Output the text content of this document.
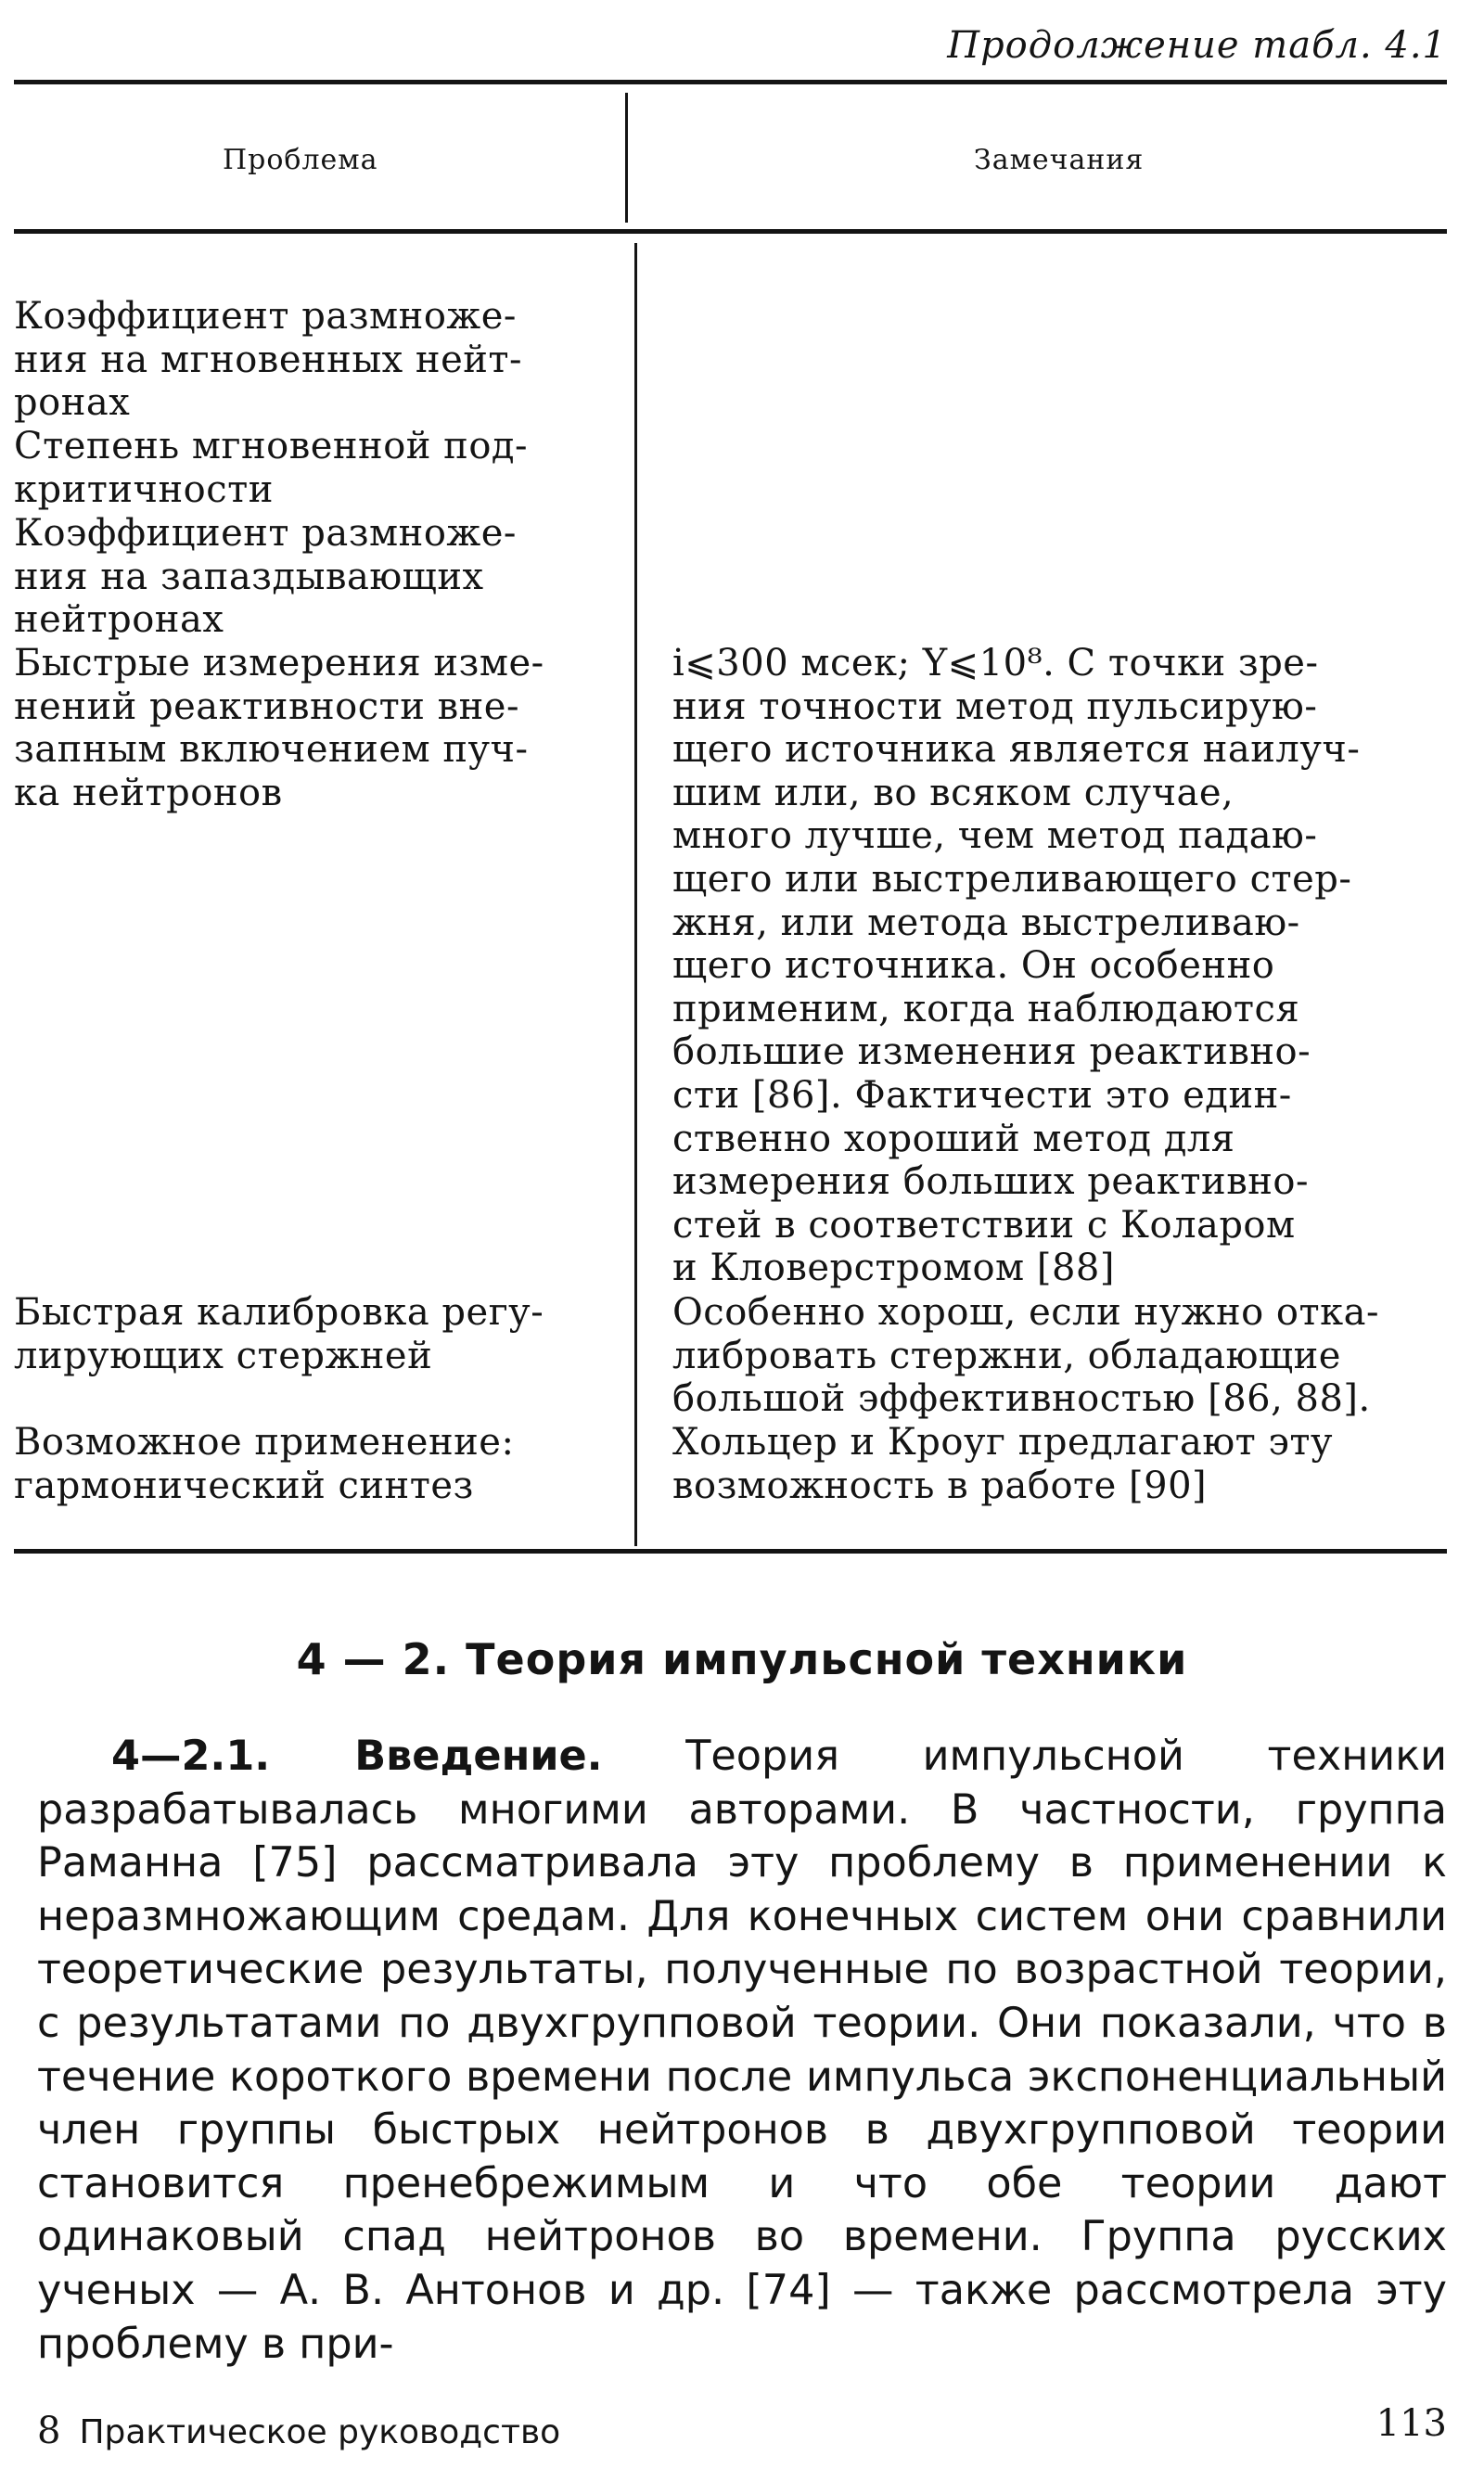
Продолжение табл. 4.1
Проблема	Замечания
Коэффициент размноже-
ния на мгновенных нейт-
ронах
Степень мгновенной под-
критичности
Коэффициент размноже-
ния на запаздывающих
нейтронах
Быстрые измерения изме-
нений реактивности вне-
запным включением пуч-
ка нейтронов
i⩽300 мсек; Y⩽10⁸. С точки зре-
ния точности метод пульсирую-
щего источника является наилуч-
шим или, во всяком случае,
много лучше, чем метод падаю-
щего или выстреливающего стер-
жня, или метода выстреливаю-
щего источника. Он особенно
применим, когда наблюдаются
большие изменения реактивно-
сти [86]. Фактичести это един-
ственно хороший метод для
измерения больших реактивно-
стей в соответствии с Коларом
и Кловерстромом [88]
Быстрая калибровка регу-
лирующих стержней
Особенно хорош, если нужно отка-
либровать стержни, обладающие
большой эффективностью [86, 88].
Возможное применение:
гармонический синтез
Хольцер и Кроуг предлагают эту
возможность в работе [90]
4 — 2. Теория импульсной техники

4—2.1. Введение. Теория импульсной техники разрабатывалась многими авторами. В частности, группа Раманна [75] рассматривала эту проблему в применении к неразмножающим средам. Для конечных систем они сравнили теоретические результаты, полученные по возрастной теории, с результатами по двухгрупповой теории. Они показали, что в течение короткого времени после импульса экспоненциальный член группы быстрых нейтронов в двухгрупповой теории становится пренебрежимым и что обе теории дают одинаковый спад нейтронов во времени. Группа русских ученых — А. В. Антонов и др. [74] — также рассмотрела эту проблему в при-

8 Практическое руководство	113
